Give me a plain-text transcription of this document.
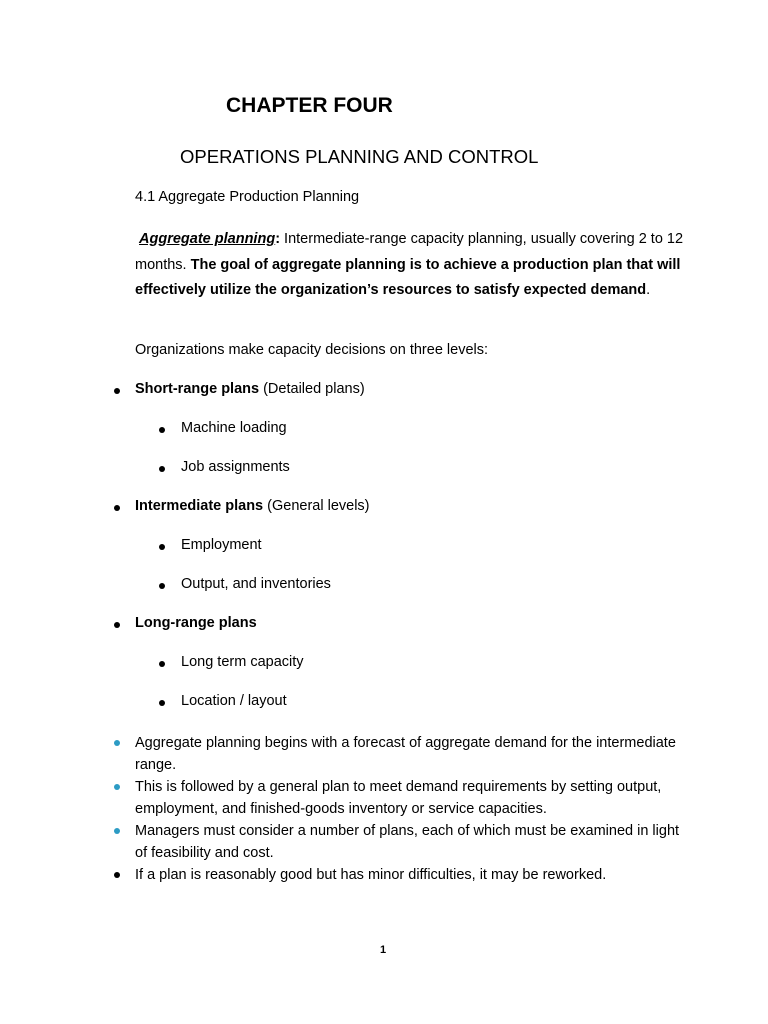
CHAPTER FOUR
OPERATIONS PLANNING AND CONTROL
4.1 Aggregate Production Planning
Aggregate planning: Intermediate-range capacity planning, usually covering 2 to 12 months. The goal of aggregate planning is to achieve a production plan that will effectively utilize the organization’s resources to satisfy expected demand.
Organizations make capacity decisions on three levels:
Short-range plans (Detailed plans)
Machine loading
Job assignments
Intermediate plans (General levels)
Employment
Output, and inventories
Long-range plans
Long term capacity
Location / layout
Aggregate planning begins with a forecast of aggregate demand for the intermediate range.
This is followed by a general plan to meet demand requirements by setting output, employment, and finished-goods inventory or service capacities.
Managers must consider a number of plans, each of which must be examined in light of feasibility and cost.
If a plan is reasonably good but has minor difficulties, it may be reworked.
1
